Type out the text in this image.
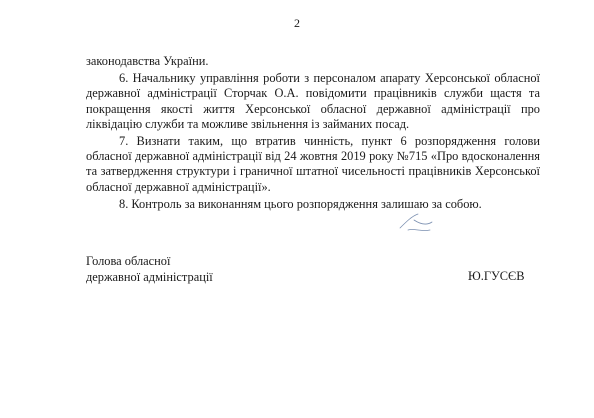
2

законодавства України.

6. Начальнику управління роботи з персоналом апарату Херсонської обласної державної адміністрації Сторчак О.А. повідомити працівників служби щастя та покращення якості життя Херсонської обласної державної адміністрації про ліквідацію служби та можливе звільнення із займаних посад.

7. Визнати таким, що втратив чинність, пункт 6 розпорядження голови обласної державної адміністрації від 24 жовтня 2019 року №715 «Про вдосконалення та затвердження структури і граничної штатної чисельності працівників Херсонської обласної державної адміністрації».

8. Контроль за виконанням цього розпорядження залишаю за собою.

Голова обласної
державної адміністрації	Ю.ГУСЄВ
